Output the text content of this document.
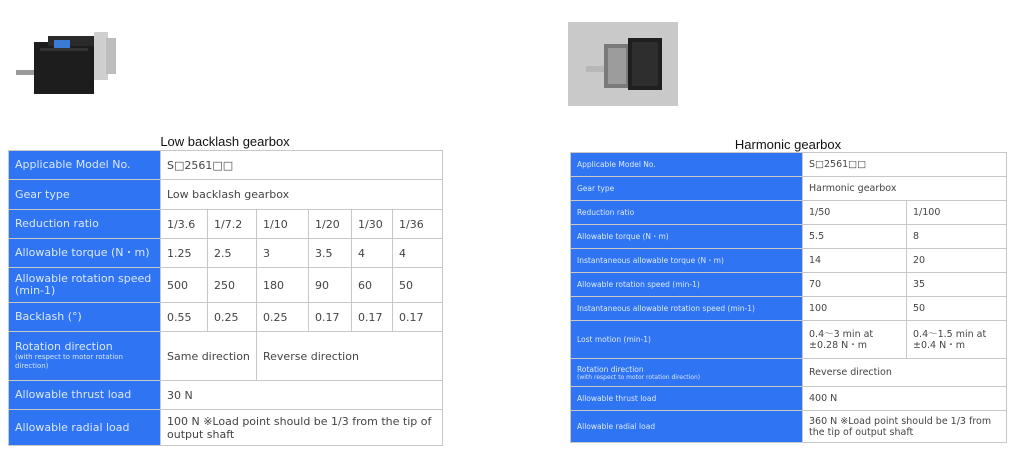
Low backlash gearbox	Harmonic gearbox
Applicable Model No.	S□2561□□					
Gear type	Low backlash gearbox					
Reduction ratio	1/3.6	1/7.2	1/10	1/20	1/30	1/36
Allowable torque (N・m)	1.25	2.5	3	3.5	4	4
Allowable rotation speed (min-1)	500	250	180	90	60	50
Backlash (°)	0.55	0.25	0.25	0.17	0.17	0.17
Rotation direction
(with respect to motor rotation direction)	Same direction		Reverse direction			
Allowable thrust load	30 N					
Allowable radial load	100 N ※Load point should be 1/3 from the tip of output shaft					
Applicable Model No.	S□2561□□	
Gear type	Harmonic gearbox	
Reduction ratio	1/50	1/100
Allowable torque (N・m)	5.5	8
Instantaneous allowable torque (N・m)	14	20
Allowable rotation speed (min-1)	70	35
Instantaneous allowable rotation speed (min-1)	100	50
Lost motion (min-1)	0.4～3 min at ±0.28 N・m	0.4～1.5 min at ±0.4 N・m
Rotation direction
(with respect to motor rotation direction)	Reverse direction	
Allowable thrust load	400 N	
Allowable radial load	360 N ※Load point should be 1/3 from the tip of output shaft	
